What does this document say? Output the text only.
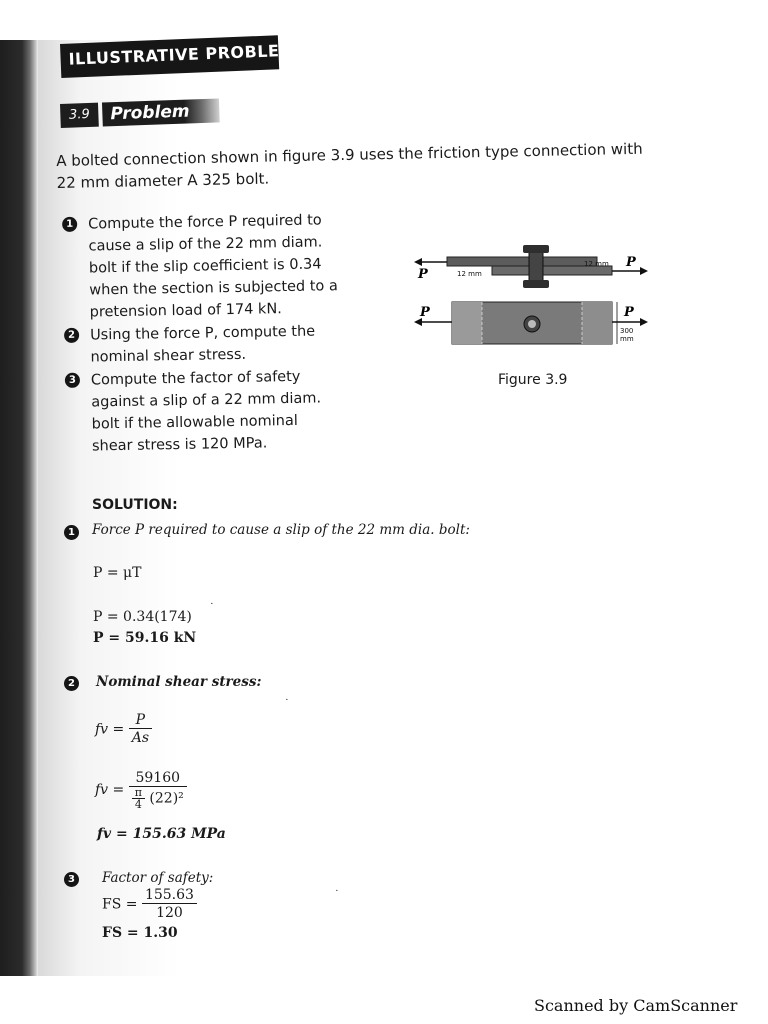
ILLUSTRATIVE PROBLEMS
3.9 Problem
A bolted connection shown in figure 3.9 uses the friction type connection with
22 mm diameter A 325 bolt.
1 Compute the force P required to cause a slip of the 22 mm diam. bolt if the slip coefficient is 0.34 when the section is subjected to a pretension load of 174 kN.
2 Using the force P, compute the nominal shear stress.
3 Compute the factor of safety against a slip of a 22 mm diam. bolt if the allowable nominal shear stress is 120 MPa.
P
P
12 mm
12 mm
P	P
300
mm
Figure 3.9
SOLUTION:
1 Force P required to cause a slip of the 22 mm dia. bolt:
P = μT
P = 0.34(174)
P = 59.16 kN
2 Nominal shear stress:
fv = $\frac{P}{As}$
fv = $\frac{59160}{\frac{\pi}{4} (22)^2}$
fv = 155.63 MPa
3 Factor of safety:
FS = $\frac{155.63}{120}$
FS = 1.30
·
·
·
Scanned by CamScanner
